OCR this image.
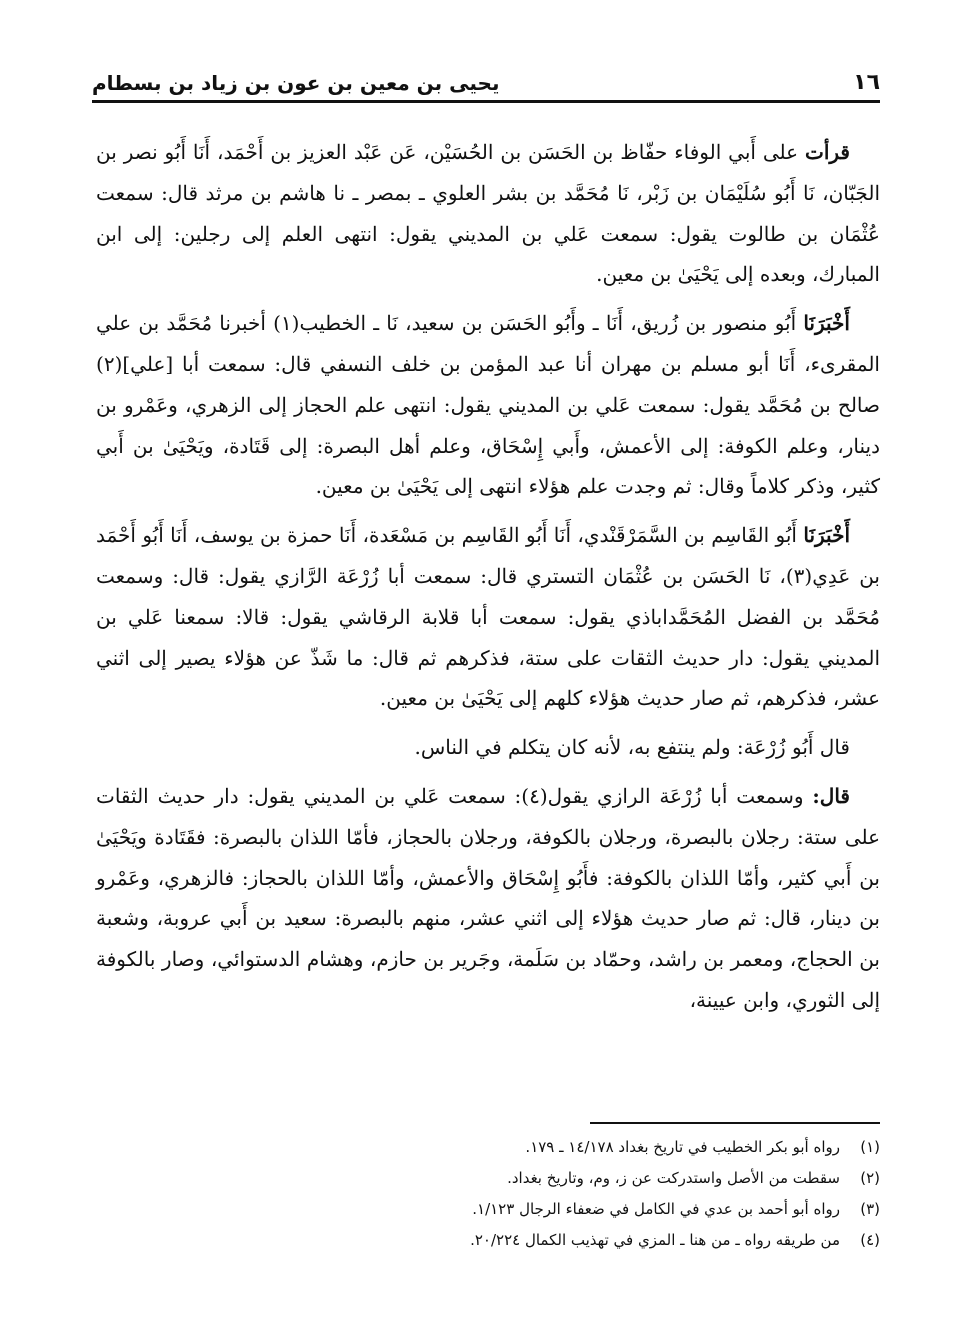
١٦
يحيى بن معين بن عون بن زياد بن بسطام

قرأت على أَبي الوفاء حفّاظ بن الحَسَن بن الحُسَيْن، عَن عَبْد العزيز بن أَحْمَد، أَنَا أَبُو نصر بن الجَبّان، نَا أَبُو سُلَيْمَان بن زَبْر، نَا مُحَمَّد بن بشر العلوي ـ بمصر ـ نا هاشم بن مرثد قال: سمعت عُثْمَان بن طالوت يقول: سمعت عَلي بن المديني يقول: انتهى العلم إلى رجلين: إلى ابن المبارك، وبعده إلى يَحْيَىٰ بن معين.

أَخْبَرَنَا أَبُو منصور بن زُريق، أَنَا ـ وأَبُو الحَسَن بن سعيد، نَا ـ الخطيب(١) أخبرنا مُحَمَّد بن علي المقرىء، أَنَا أبو مسلم بن مهران أنا عبد المؤمن بن خلف النسفي قال: سمعت أبا [علي](٢) صالح بن مُحَمَّد يقول: سمعت عَلي بن المديني يقول: انتهى علم الحجاز إلى الزهري، وعَمْرو بن دينار، وعلم الكوفة: إلى الأعمش، وأَبي إِسْحَاق، وعلم أهل البصرة: إلى قَتَادة، ويَحْيَىٰ بن أَبي كثير، وذكر كلاماً وقال: ثم وجدت علم هؤلاء انتهى إلى يَحْيَىٰ بن معين.

أَخْبَرَنَا أَبُو القَاسِم بن السَّمَرْقَنْدي، أَنَا أَبُو القَاسِم بن مَسْعَدة، أَنَا حمزة بن يوسف، أَنَا أَبُو أَحْمَد بن عَدِي(٣)، نَا الحَسَن بن عُثْمَان التستري قال: سمعت أبا زُرْعَة الرَّازي يقول: قال: وسمعت مُحَمَّد بن الفضل المُحَمَّداباذي يقول: سمعت أبا قلابة الرقاشي يقول: قالا: سمعنا عَلي بن المديني يقول: دار حديث الثقات على ستة، فذكرهم ثم قال: ما شَذّ عن هؤلاء يصير إلى اثني عشر، فذكرهم، ثم صار حديث هؤلاء كلهم إلى يَحْيَىٰ بن معين.

قال أَبُو زُرْعَة: ولم ينتفع به، لأنه كان يتكلم في الناس.

قال: وسمعت أبا زُرْعَة الرازي يقول(٤): سمعت عَلي بن المديني يقول: دار حديث الثقات على ستة: رجلان بالبصرة، ورجلان بالكوفة، ورجلان بالحجاز، فأمّا اللذان بالبصرة: فقَتَادة ويَحْيَىٰ بن أَبي كثير، وأمّا اللذان بالكوفة: فأَبُو إِسْحَاق والأعمش، وأمّا اللذان بالحجاز: فالزهري، وعَمْرو بن دينار، قال: ثم صار حديث هؤلاء إلى اثني عشر، منهم بالبصرة: سعيد بن أَبي عروبة، وشعبة بن الحجاج، ومعمر بن راشد، وحمّاد بن سَلَمة، وجَرير بن حازم، وهشام الدستوائي، وصار بالكوفة إلى الثوري، وابن عيينة،

(١)
رواه أبو بكر الخطيب في تاريخ بغداد ١٤/١٧٨ ـ ١٧٩.
(٢)
سقطت من الأصل واستدركت عن ز، وم، وتاريخ بغداد.
(٣)
رواه أبو أحمد بن عدي في الكامل في ضعفاء الرجال ١/١٢٣.
(٤)
من طريقه رواه ـ من هنا ـ المزي في تهذيب الكمال ٢٠/٢٢٤.
